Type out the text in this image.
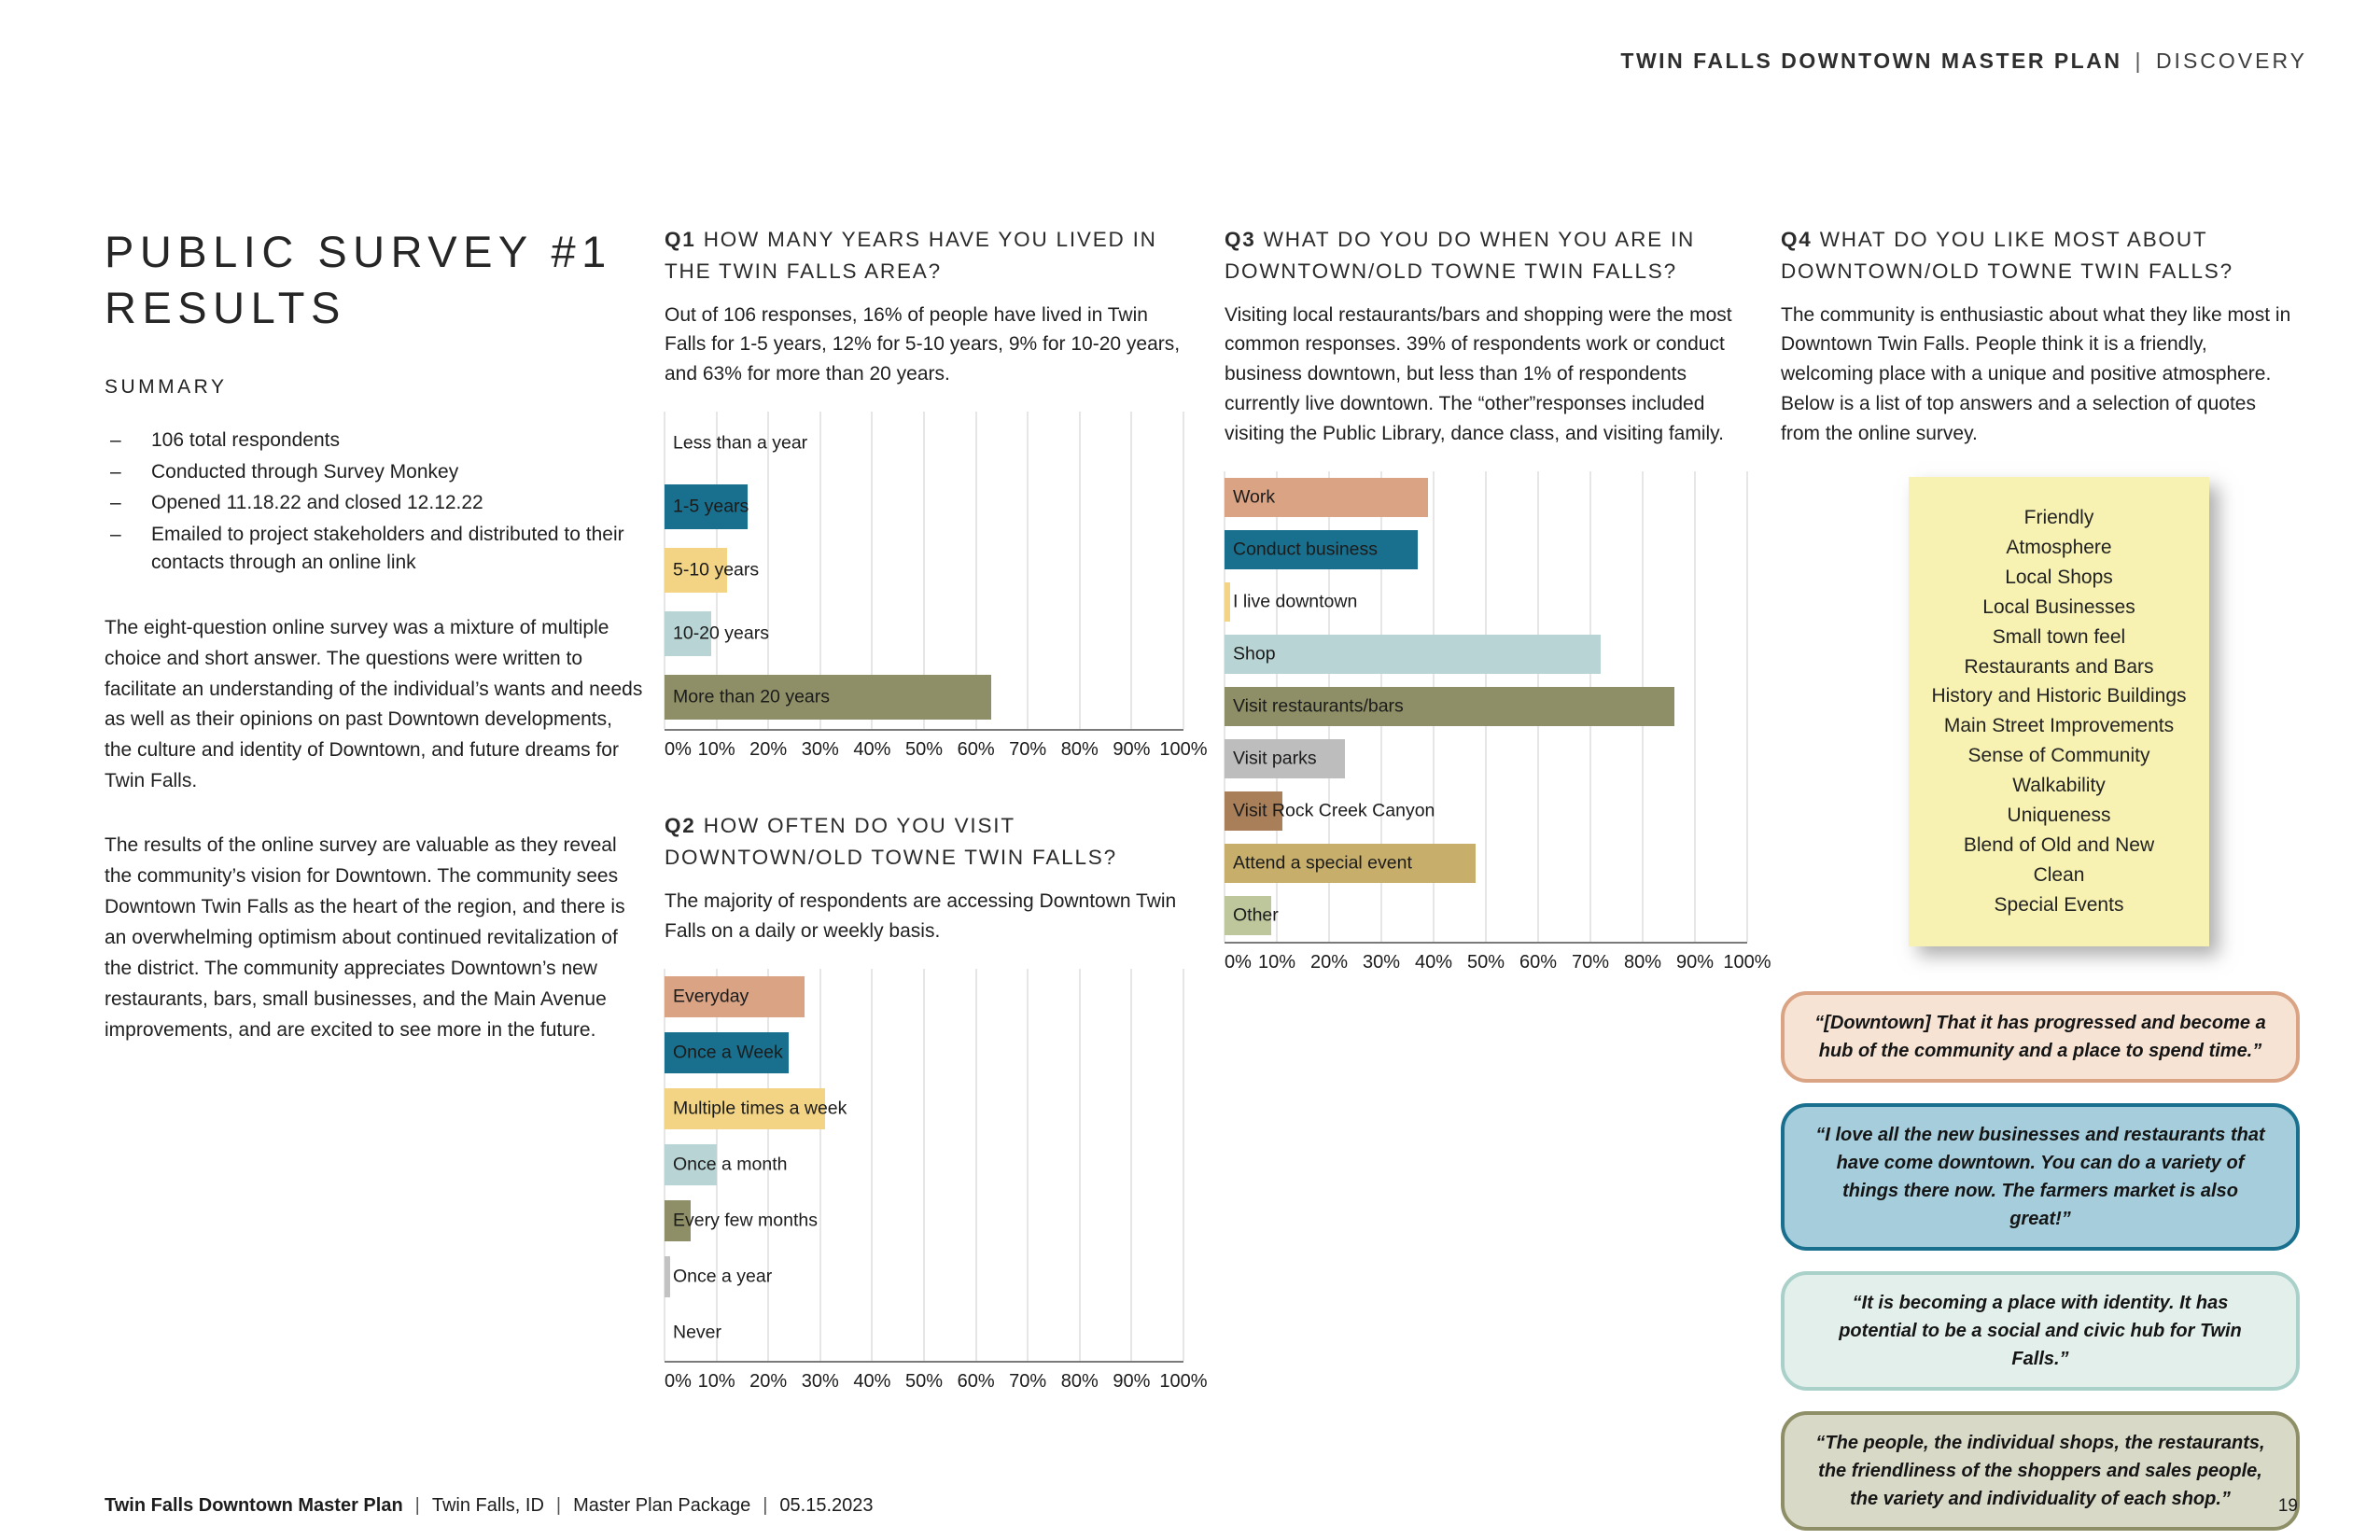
TWIN FALLS DOWNTOWN MASTER PLAN | DISCOVERY
PUBLIC SURVEY #1
RESULTS
SUMMARY
– 106 total respondents
– Conducted through Survey Monkey
– Opened 11.18.22 and closed 12.12.22
– Emailed to project stakeholders and distributed to their contacts through an online link

The eight-question online survey was a mixture of multiple choice and short answer. The questions were written to facilitate an understanding of the individual’s wants and needs as well as their opinions on past Downtown developments, the culture and identity of Downtown, and future dreams for Twin Falls.

The results of the online survey are valuable as they reveal the community’s vision for Downtown. The community sees Downtown Twin Falls as the heart of the region, and there is an overwhelming optimism about continued revitalization of the district. The community appreciates Downtown’s new restaurants, bars, small businesses, and the Main Avenue improvements, and are excited to see more in the future.

Q1 HOW MANY YEARS HAVE YOU LIVED IN THE TWIN FALLS AREA?

Out of 106 responses, 16% of people have lived in Twin Falls for 1-5 years, 12% for 5-10 years, 9% for 10-20 years, and 63% for more than 20 years.

Less than a year
1-5 years
5-10 years
10-20 years
More than 20 years
0% 10% 20% 30% 40% 50% 60% 70% 80% 90% 100%
Q2 HOW OFTEN DO YOU VISIT DOWNTOWN/OLD TOWNE TWIN FALLS?

The majority of respondents are accessing Downtown Twin Falls on a daily or weekly basis.

Everyday
Once a Week
Multiple times a week
Once a month
Every few months
Once a year
Never
0% 10% 20% 30% 40% 50% 60% 70% 80% 90% 100%
Q3 WHAT DO YOU DO WHEN YOU ARE IN DOWNTOWN/OLD TOWNE TWIN FALLS?

Visiting local restaurants/bars and shopping were the most common responses. 39% of respondents work or conduct business downtown, but less than 1% of respondents currently live downtown. The “other”responses included visiting the Public Library, dance class, and visiting family.

Work
Conduct business
I live downtown
Shop
Visit restaurants/bars
Visit parks
Visit Rock Creek Canyon
Attend a special event
Other
0% 10% 20% 30% 40% 50% 60% 70% 80% 90% 100%
Q4 WHAT DO YOU LIKE MOST ABOUT DOWNTOWN/OLD TOWNE TWIN FALLS?

The community is enthusiastic about what they like most in Downtown Twin Falls. People think it is a friendly, welcoming place with a unique and positive atmosphere. Below is a list of top answers and a selection of quotes from the online survey.

Friendly
Atmosphere
Local Shops
Local Businesses
Small town feel
Restaurants and Bars
History and Historic Buildings
Main Street Improvements
Sense of Community
Walkability
Uniqueness
Blend of Old and New
Clean
Special Events
“[Downtown] That it has progressed and become a hub of the community and a place to spend time.”
“I love all the new businesses and restaurants that have come downtown. You can do a variety of things there now. The farmers market is also great!”
“It is becoming a place with identity. It has potential to be a social and civic hub for Twin Falls.”
“The people, the individual shops, the restaurants, the friendliness of the shoppers and sales people, the variety and individuality of each shop.”
Twin Falls Downtown Master Plan | Twin Falls, ID | Master Plan Package | 05.15.2023	19
